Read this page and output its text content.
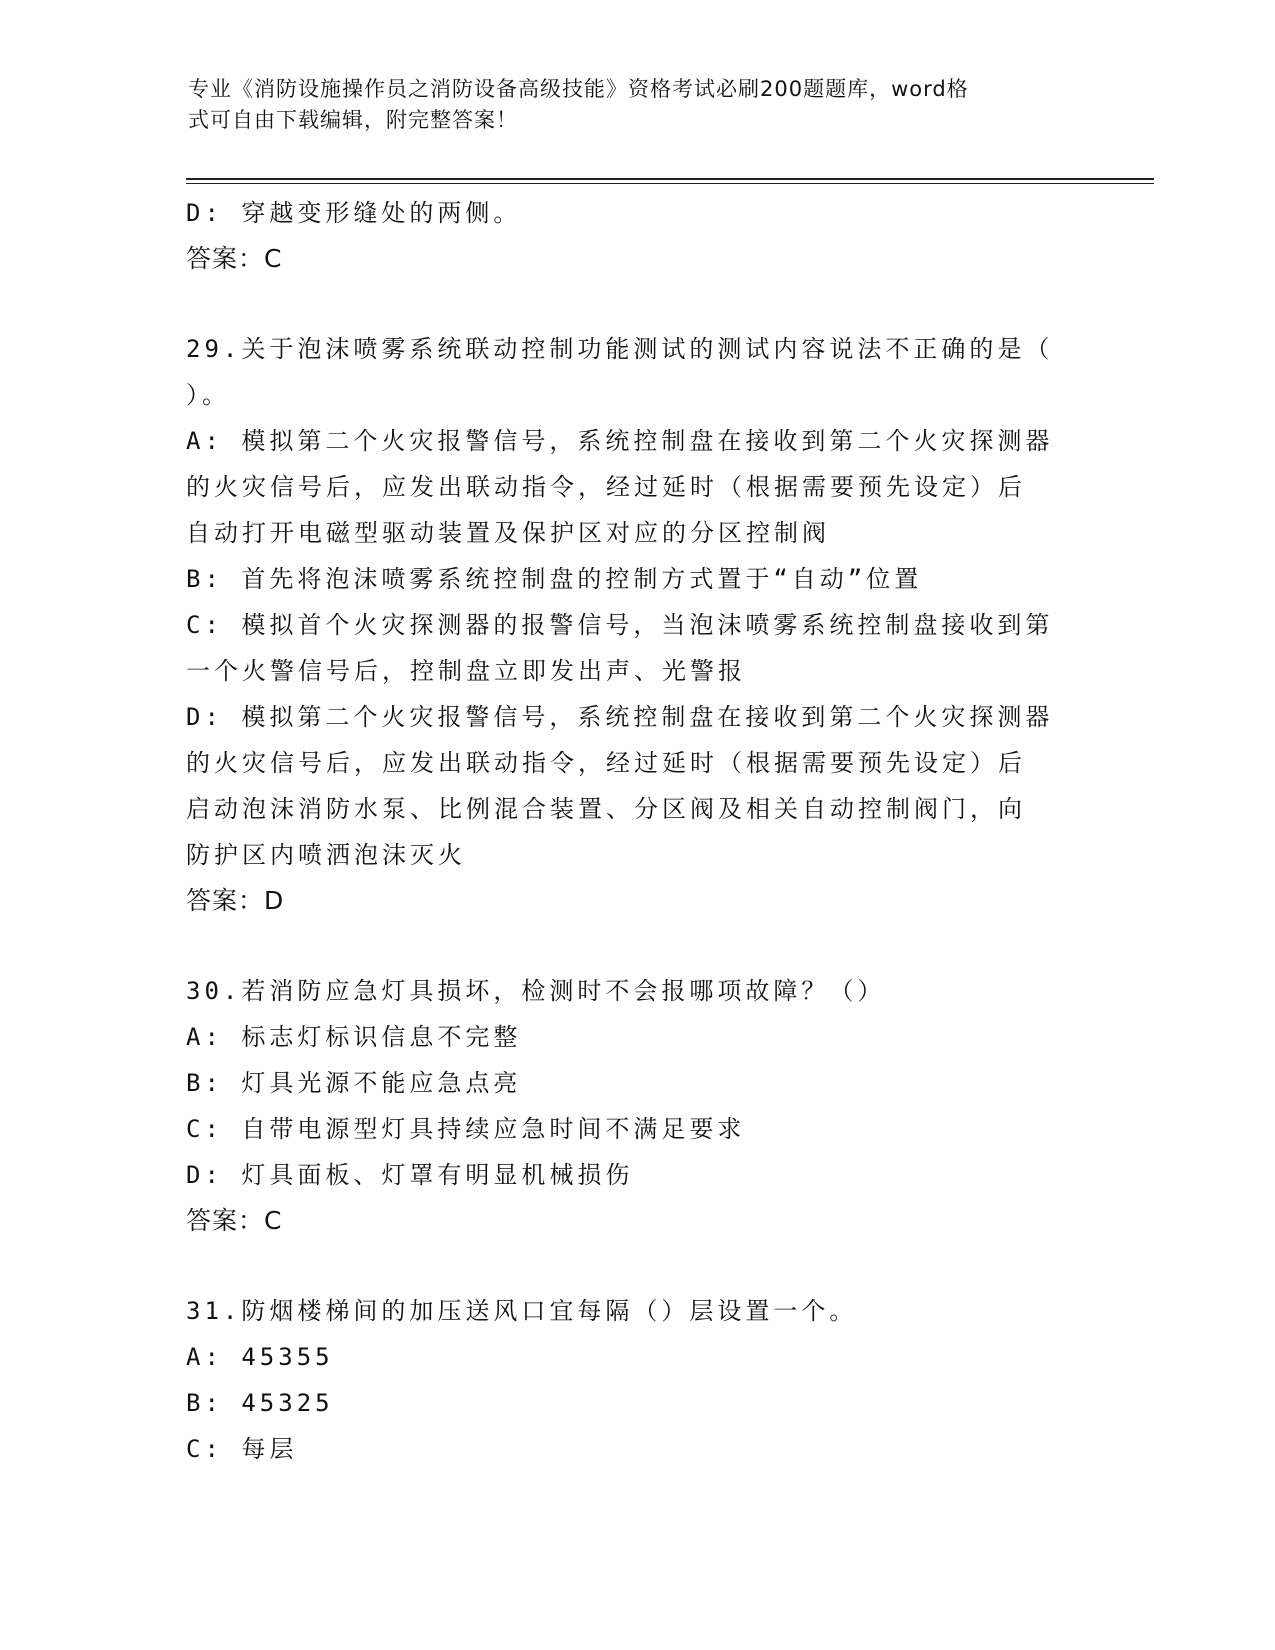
专业《消防设施操作员之消防设备高级技能》资格考试必刷200题题库，word格
式可自由下载编辑，附完整答案！
D: 穿越变形缝处的两侧。
答案：C
29.关于泡沫喷雾系统联动控制功能测试的测试内容说法不正确的是（
）。
A: 模拟第二个火灾报警信号，系统控制盘在接收到第二个火灾探测器
的火灾信号后，应发出联动指令，经过延时（根据需要预先设定）后
自动打开电磁型驱动装置及保护区对应的分区控制阀
B: 首先将泡沫喷雾系统控制盘的控制方式置于“自动”位置
C: 模拟首个火灾探测器的报警信号，当泡沫喷雾系统控制盘接收到第
一个火警信号后，控制盘立即发出声、光警报
D: 模拟第二个火灾报警信号，系统控制盘在接收到第二个火灾探测器
的火灾信号后，应发出联动指令，经过延时（根据需要预先设定）后
启动泡沫消防水泵、比例混合装置、分区阀及相关自动控制阀门，向
防护区内喷洒泡沫灭火
答案：D
30.若消防应急灯具损坏，检测时不会报哪项故障？（）
A: 标志灯标识信息不完整
B: 灯具光源不能应急点亮
C: 自带电源型灯具持续应急时间不满足要求
D: 灯具面板、灯罩有明显机械损伤
答案：C
31.防烟楼梯间的加压送风口宜每隔（）层设置一个。
A: 45355
B: 45325
C: 每层
